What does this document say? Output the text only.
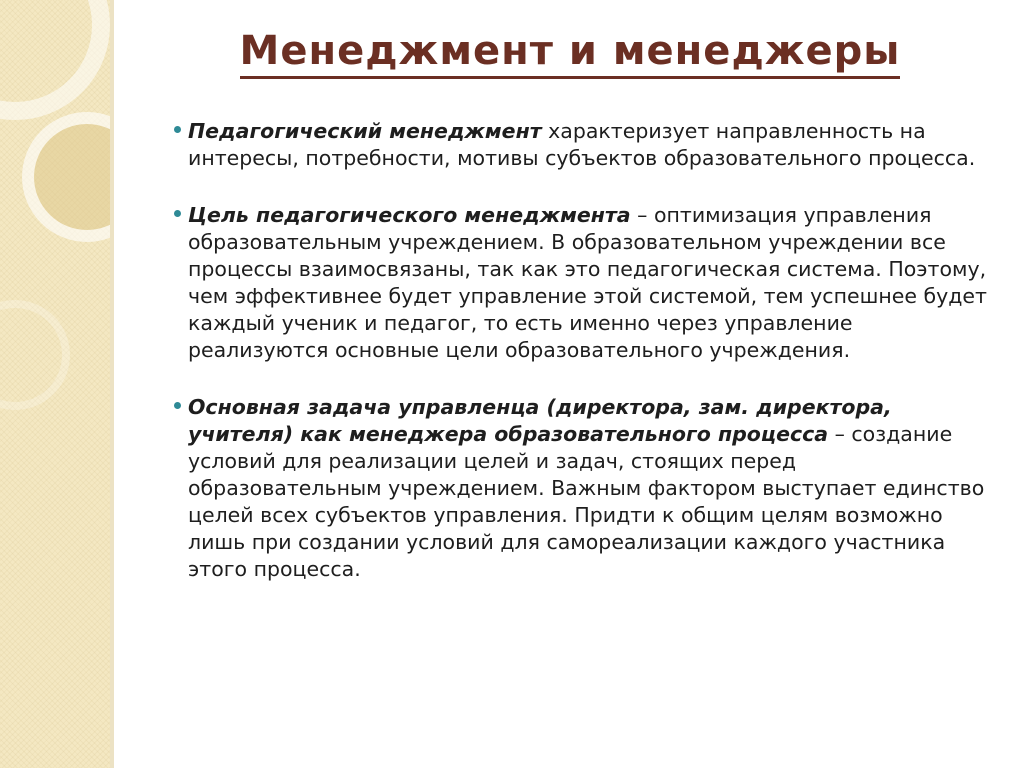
Менеджмент и менеджеры
Педагогический менеджмент характеризует направленность на интересы, потребности, мотивы субъектов образовательного процесса.
Цель педагогического менеджмента – оптимизация управления образовательным учреждением. В образовательном учреждении все процессы взаимосвязаны, так как это педагогическая система. Поэтому, чем эффективнее будет управление этой системой, тем успешнее будет каждый ученик и педагог, то есть именно через управление реализуются основные цели образовательного учреждения.
Основная задача управленца (директора, зам. директора, учителя) как менеджера образовательного процесса – создание условий для реализации целей и задач, стоящих перед образовательным учреждением. Важным фактором выступает единство целей всех субъектов управления. Придти к общим целям возможно лишь при создании условий для самореализации каждого участника этого процесса.
